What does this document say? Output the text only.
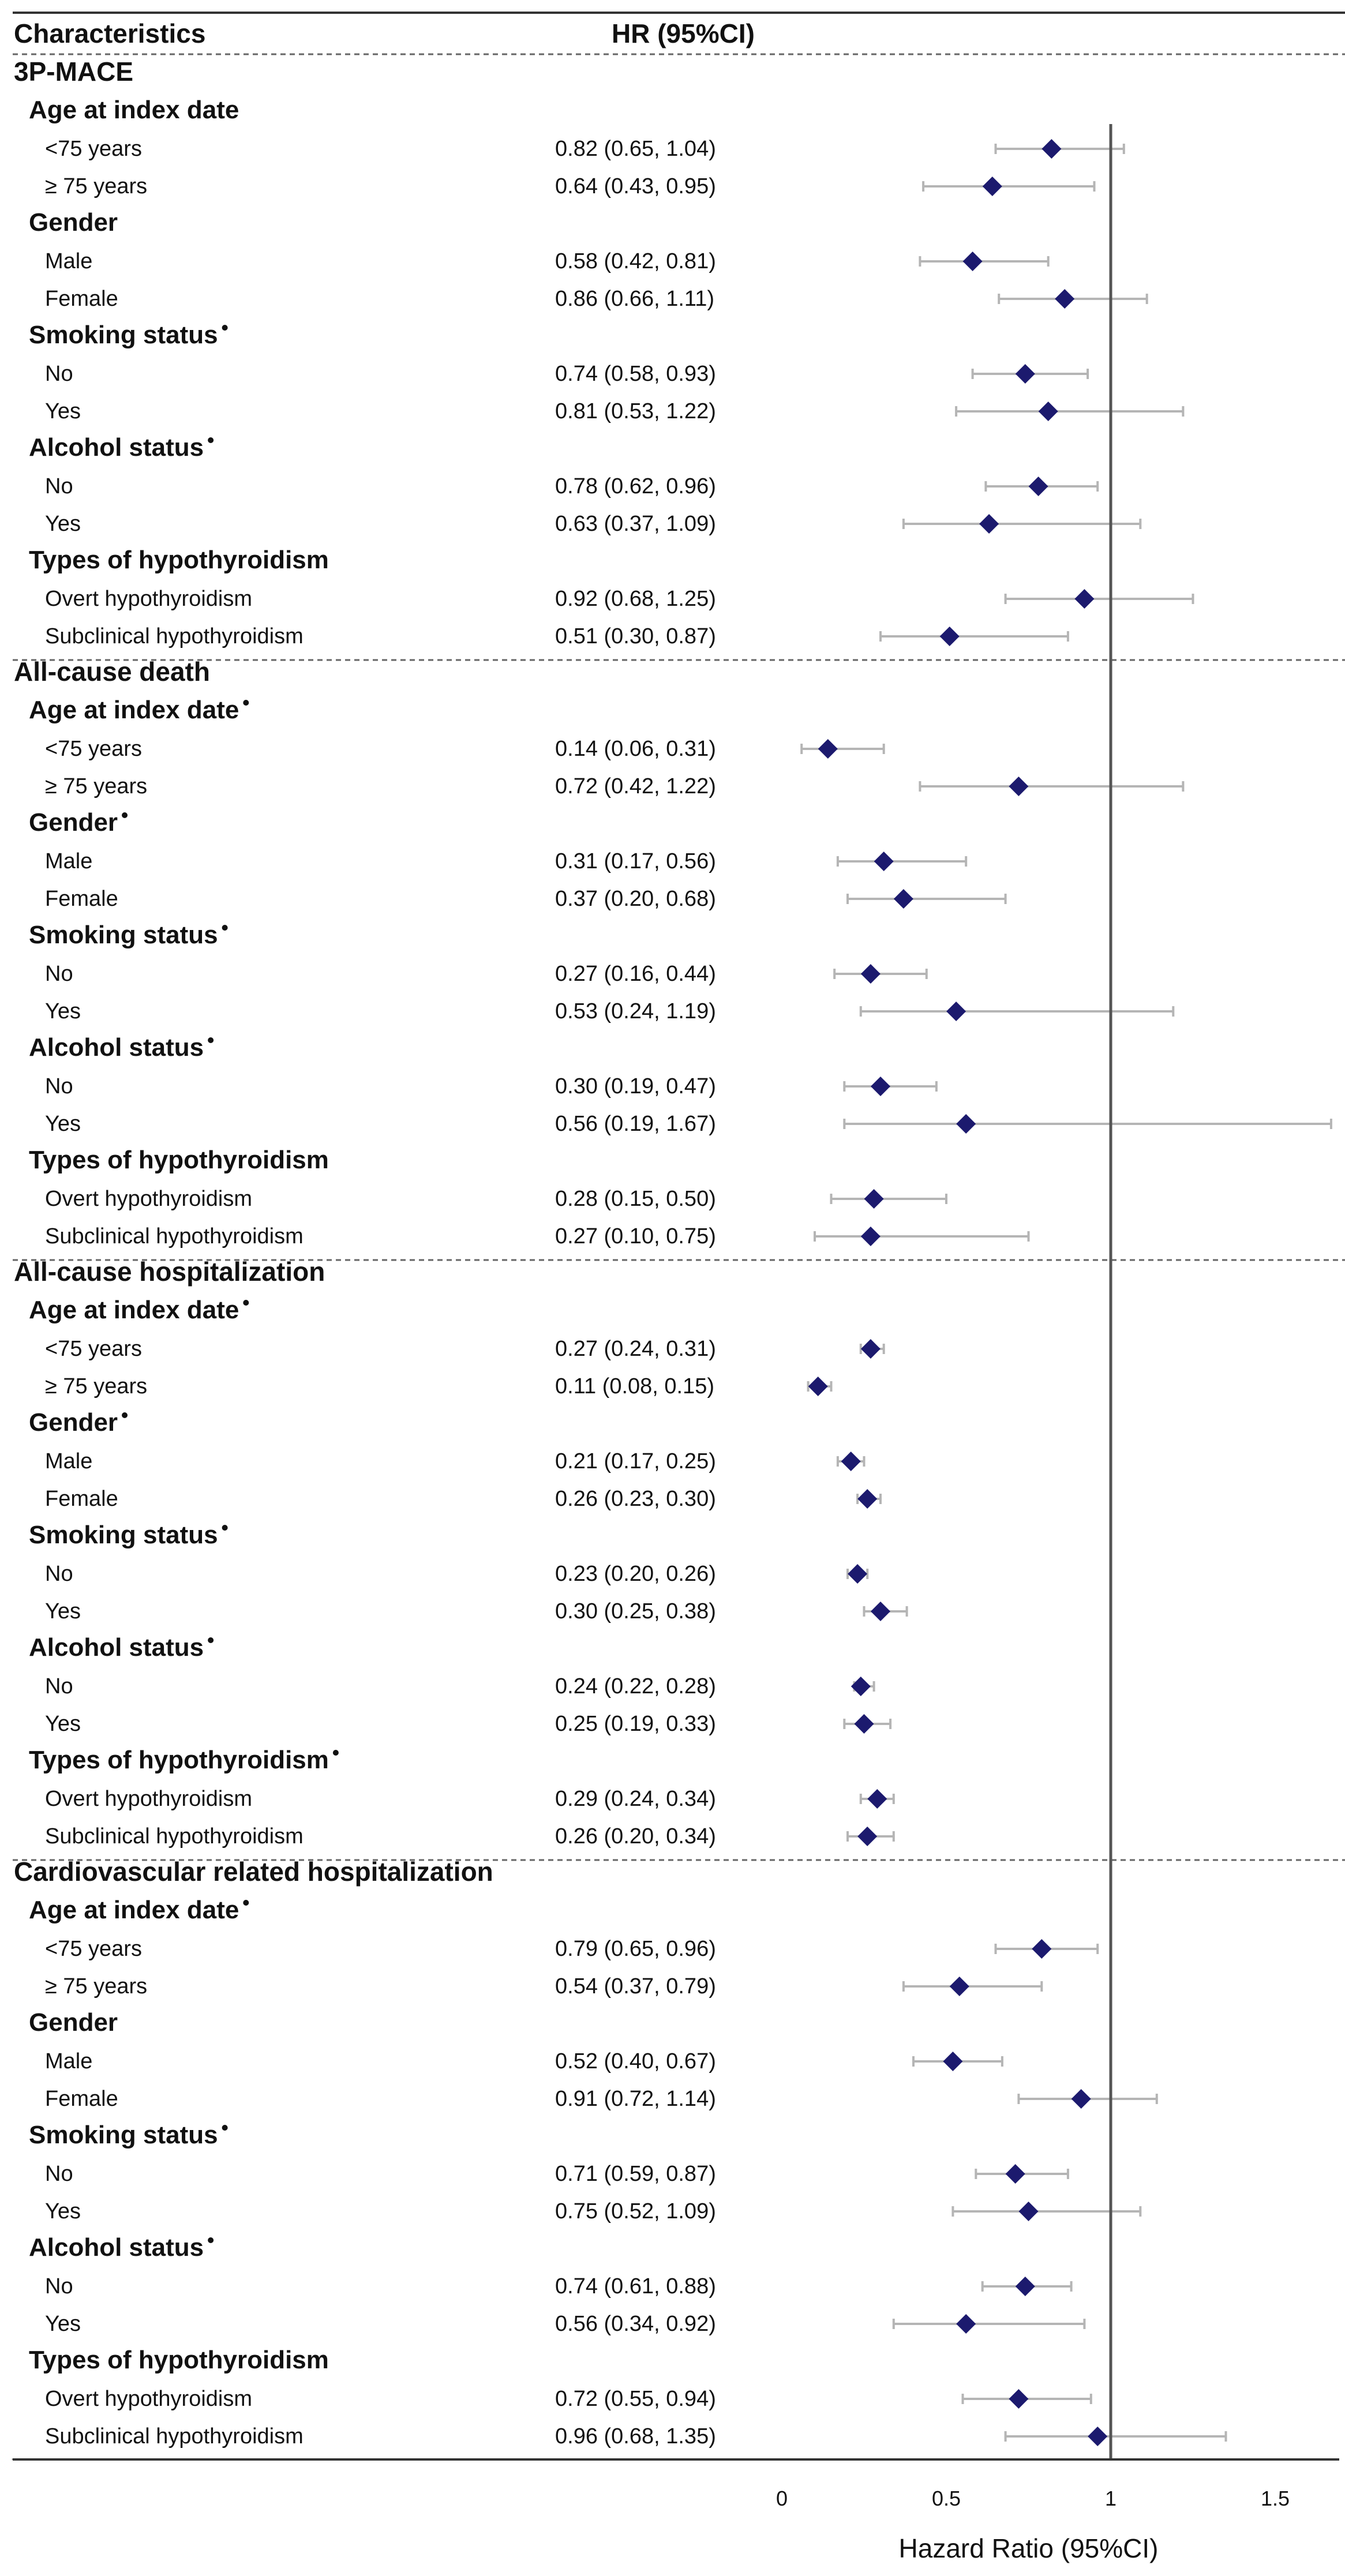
Characteristics	HR (95%CI)
3P-MACE
Age at index date
<75 years	0.82 (0.65, 1.04)
≥ 75 years	0.64 (0.43, 0.95)
Gender
Male	0.58 (0.42, 0.81)
Female	0.86 (0.66, 1.11)
Smoking status
No	0.74 (0.58, 0.93)
Yes	0.81 (0.53, 1.22)
Alcohol status
No	0.78 (0.62, 0.96)
Yes	0.63 (0.37, 1.09)
Types of hypothyroidism
Overt hypothyroidism	0.92 (0.68, 1.25)
Subclinical hypothyroidism	0.51 (0.30, 0.87)
All-cause death
Age at index date
<75 years	0.14 (0.06, 0.31)
≥ 75 years	0.72 (0.42, 1.22)
Gender
Male	0.31 (0.17, 0.56)
Female	0.37 (0.20, 0.68)
Smoking status
No	0.27 (0.16, 0.44)
Yes	0.53 (0.24, 1.19)
Alcohol status
No	0.30 (0.19, 0.47)
Yes	0.56 (0.19, 1.67)
Types of hypothyroidism
Overt hypothyroidism	0.28 (0.15, 0.50)
Subclinical hypothyroidism	0.27 (0.10, 0.75)
All-cause hospitalization
Age at index date
<75 years	0.27 (0.24, 0.31)
≥ 75 years	0.11 (0.08, 0.15)
Gender
Male	0.21 (0.17, 0.25)
Female	0.26 (0.23, 0.30)
Smoking status
No	0.23 (0.20, 0.26)
Yes	0.30 (0.25, 0.38)
Alcohol status
No	0.24 (0.22, 0.28)
Yes	0.25 (0.19, 0.33)
Types of hypothyroidism
Overt hypothyroidism	0.29 (0.24, 0.34)
Subclinical hypothyroidism	0.26 (0.20, 0.34)
Cardiovascular related hospitalization
Age at index date
<75 years	0.79 (0.65, 0.96)
≥ 75 years	0.54 (0.37, 0.79)
Gender
Male	0.52 (0.40, 0.67)
Female	0.91 (0.72, 1.14)
Smoking status
No	0.71 (0.59, 0.87)
Yes	0.75 (0.52, 1.09)
Alcohol status
No	0.74 (0.61, 0.88)
Yes	0.56 (0.34, 0.92)
Types of hypothyroidism
Overt hypothyroidism	0.72 (0.55, 0.94)
Subclinical hypothyroidism	0.96 (0.68, 1.35)
0	0.5	1	1.5
Hazard Ratio (95%CI)
